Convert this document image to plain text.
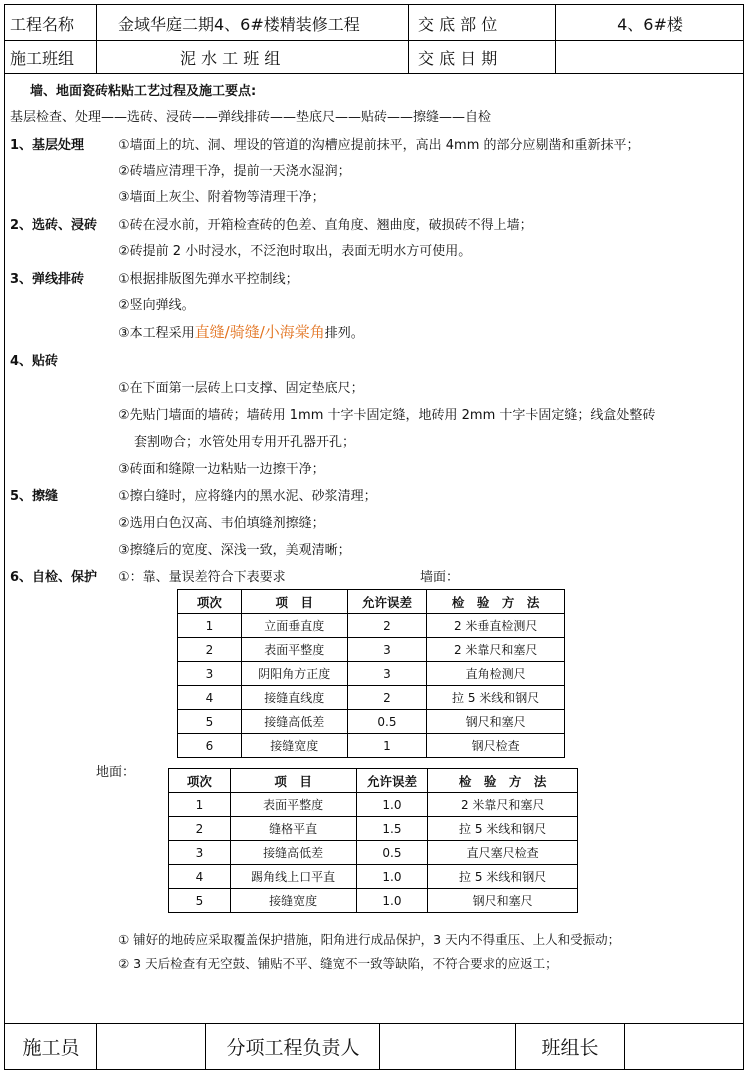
工程名称	金域华庭二期4、6#楼精装修工程	交 底 部 位	4、6#楼
施工班组	泥 水 工 班 组	交 底 日 期
墙、地面瓷砖粘贴工艺过程及施工要点:
基层检查、处理——选砖、浸砖——弹线排砖——垫底尺——贴砖——擦缝——自检
1、基层处理	①墙面上的坑、洞、埋设的管道的沟槽应提前抹平，高出 4mm 的部分应剔凿和重新抹平；
②砖墙应清理干净，提前一天浇水湿润；
③墙面上灰尘、附着物等清理干净；
2、选砖、浸砖 ①砖在浸水前，开箱检查砖的色差、直角度、翘曲度，破损砖不得上墙；
②砖提前 2 小时浸水，不泛泡时取出，表面无明水方可使用。
3、弹线排砖	①根据排版图先弹水平控制线；
②竖向弹线。
③本工程采用直缝/骑缝/小海棠角排列。
4、贴砖
①在下面第一层砖上口支撑、固定垫底尺；
②先贴门墙面的墙砖；墙砖用 1mm 十字卡固定缝，地砖用 2mm 十字卡固定缝；线盒处整砖
套割吻合；水管处用专用开孔器开孔；
③砖面和缝隙一边粘贴一边擦干净；
5、擦缝	①擦白缝时，应将缝内的黑水泥、砂浆清理；
②选用白色汉高、韦伯填缝剂擦缝；
③擦缝后的宽度、深浅一致，美观清晰；
6、自检、保护 ①：靠、量误差符合下表要求	墙面：
项次	项　目	允许误差	检　验　方　法
1	立面垂直度	2	2 米垂直检测尺
2	表面平整度	3	2 米靠尺和塞尺
3	阴阳角方正度	3	直角检测尺
4	接缝直线度	2	拉 5 米线和钢尺
5	接缝高低差	0.5	钢尺和塞尺
6	接缝宽度	1	钢尺检查
地面：
项次	项　目	允许误差	检　验　方　法
1	表面平整度	1.0	2 米靠尺和塞尺
2	缝格平直	1.5	拉 5 米线和钢尺
3	接缝高低差	0.5	直尺塞尺检查
4	踢角线上口平直	1.0	拉 5 米线和钢尺
5	接缝宽度	1.0	钢尺和塞尺
① 铺好的地砖应采取覆盖保护措施，阳角进行成品保护，3 天内不得重压、上人和受振动；
② 3 天后检查有无空鼓、铺贴不平、缝宽不一致等缺陷，不符合要求的应返工；
施工员	分项工程负责人	班组长
